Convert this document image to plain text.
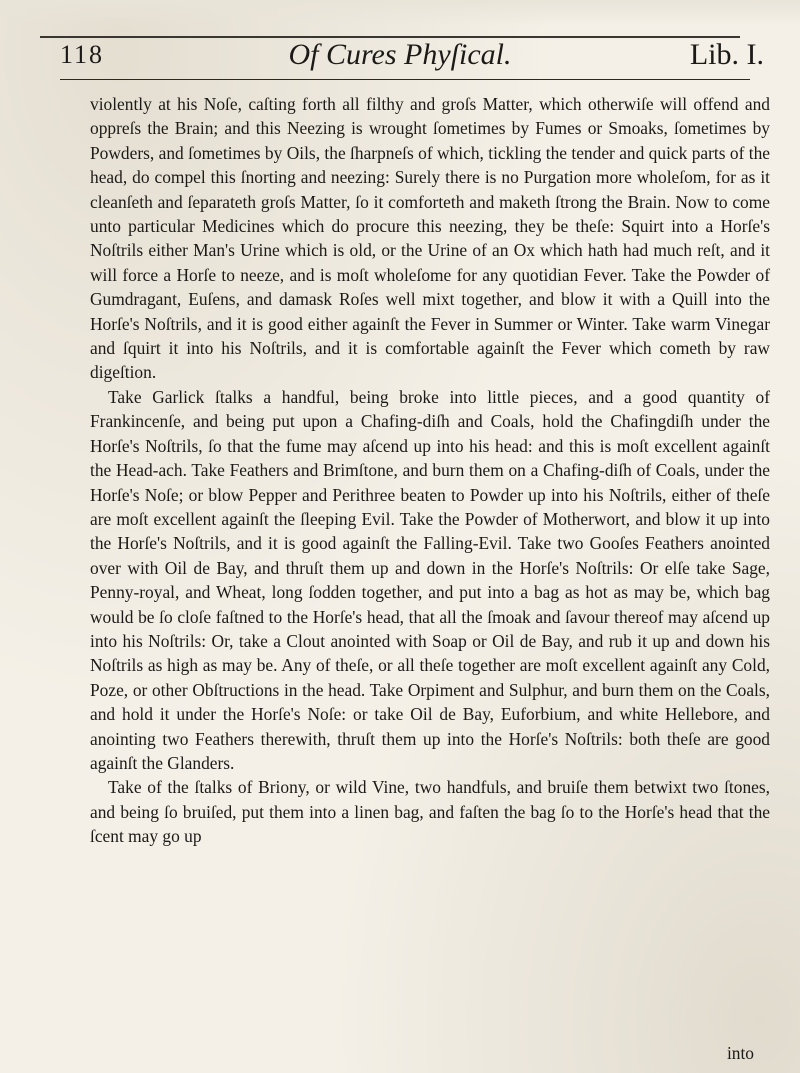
118	Of Cures Phyſical.	Lib. I.

violently at his Noſe, caſting forth all filthy and groſs Matter, which otherwiſe will offend and oppreſs the Brain; and this Neezing is wrought ſometimes by Fumes or Smoaks, ſometimes by Powders, and ſometimes by Oils, the ſharpneſs of which, tickling the tender and quick parts of the head, do compel this ſnorting and neezing: Surely there is no Purgation more wholeſom, for as it cleanſeth and ſeparateth groſs Matter, ſo it comforteth and maketh ſtrong the Brain. Now to come unto particular Medicines which do procure this neezing, they be theſe: Squirt into a Horſe's Noſtrils either Man's Urine which is old, or the Urine of an Ox which hath had much reſt, and it will force a Horſe to neeze, and is moſt wholeſome for any quotidian Fever. Take the Powder of Gumdragant, Euſens, and damask Roſes well mixt together, and blow it with a Quill into the Horſe's Noſtrils, and it is good either againſt the Fever in Summer or Winter. Take warm Vinegar and ſquirt it into his Noſtrils, and it is comfortable againſt the Fever which cometh by raw digeſtion.

Take Garlick ſtalks a handful, being broke into little pieces, and a good quantity of Frankincenſe, and being put upon a Chafing-diſh and Coals, hold the Chafingdiſh under the Horſe's Noſtrils, ſo that the fume may aſcend up into his head: and this is moſt excellent againſt the Head-ach. Take Feathers and Brimſtone, and burn them on a Chafing-diſh of Coals, under the Horſe's Noſe; or blow Pepper and Perithree beaten to Powder up into his Noſtrils, either of theſe are moſt excellent againſt the ſleeping Evil. Take the Powder of Motherwort, and blow it up into the Horſe's Noſtrils, and it is good againſt the Falling-Evil. Take two Gooſes Feathers anointed over with Oil de Bay, and thruſt them up and down in the Horſe's Noſtrils: Or elſe take Sage, Penny-royal, and Wheat, long ſodden together, and put into a bag as hot as may be, which bag would be ſo cloſe faſtned to the Horſe's head, that all the ſmoak and ſavour thereof may aſcend up into his Noſtrils: Or, take a Clout anointed with Soap or Oil de Bay, and rub it up and down his Noſtrils as high as may be. Any of theſe, or all theſe together are moſt excellent againſt any Cold, Poze, or other Obſtructions in the head. Take Orpiment and Sulphur, and burn them on the Coals, and hold it under the Horſe's Noſe: or take Oil de Bay, Euforbium, and white Hellebore, and anointing two Feathers therewith, thruſt them up into the Horſe's Noſtrils: both theſe are good againſt the Glanders.

Take of the ſtalks of Briony, or wild Vine, two handfuls, and bruiſe them betwixt two ſtones, and being ſo bruiſed, put them into a linen bag, and faſten the bag ſo to the Horſe's head that the ſcent may go up

into
